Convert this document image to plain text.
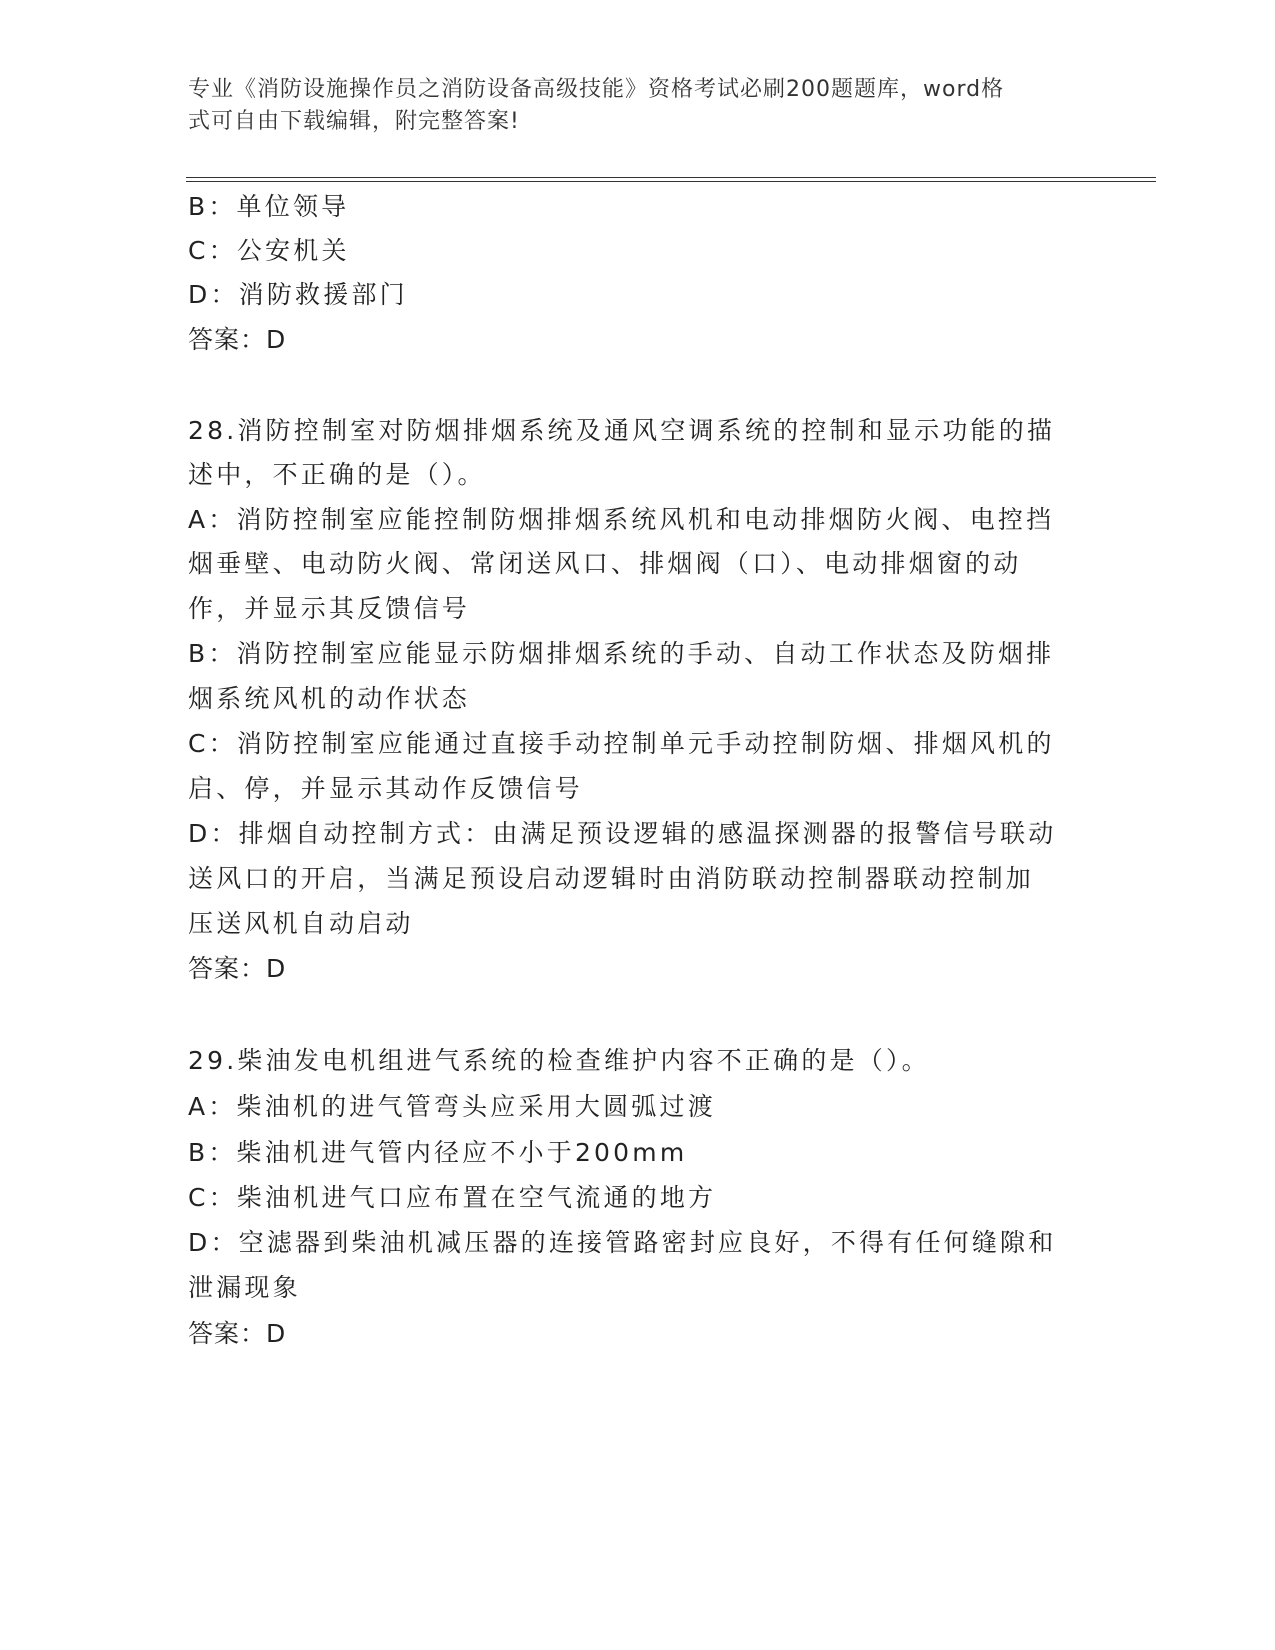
专业《消防设施操作员之消防设备高级技能》资格考试必刷200题题库，word格
式可自由下载编辑，附完整答案!
B：单位领导
C：公安机关
D：消防救援部门
答案：D
28.消防控制室对防烟排烟系统及通风空调系统的控制和显示功能的描
述中，不正确的是（）。
A：消防控制室应能控制防烟排烟系统风机和电动排烟防火阀、电控挡
烟垂壁、电动防火阀、常闭送风口、排烟阀（口）、电动排烟窗的动
作，并显示其反馈信号
B：消防控制室应能显示防烟排烟系统的手动、自动工作状态及防烟排
烟系统风机的动作状态
C：消防控制室应能通过直接手动控制单元手动控制防烟、排烟风机的
启、停，并显示其动作反馈信号
D：排烟自动控制方式：由满足预设逻辑的感温探测器的报警信号联动
送风口的开启，当满足预设启动逻辑时由消防联动控制器联动控制加
压送风机自动启动
答案：D
29.柴油发电机组进气系统的检查维护内容不正确的是（）。
A：柴油机的进气管弯头应采用大圆弧过渡
B：柴油机进气管内径应不小于200mm
C：柴油机进气口应布置在空气流通的地方
D：空滤器到柴油机减压器的连接管路密封应良好，不得有任何缝隙和
泄漏现象
答案：D
